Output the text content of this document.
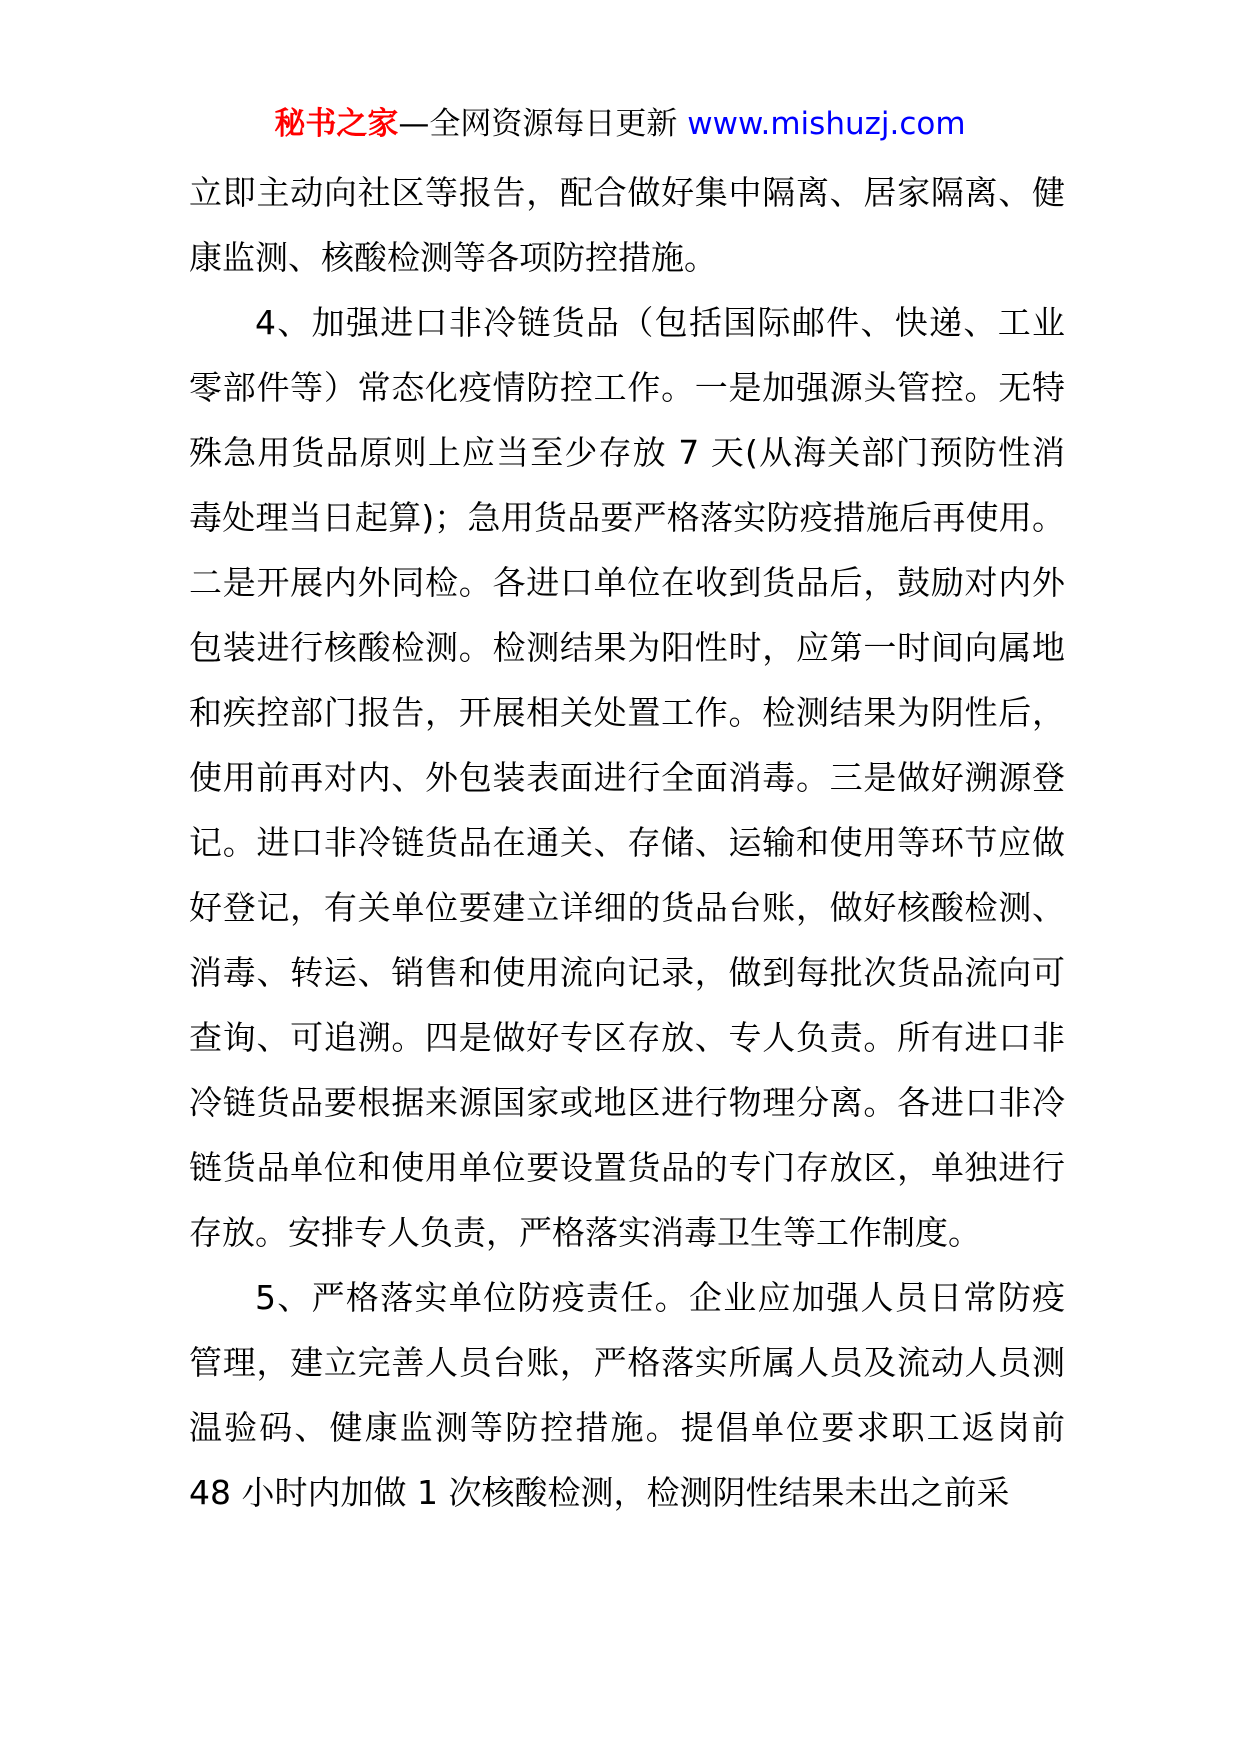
秘书之家—全网资源每日更新 www.mishuzj.com

立即主动向社区等报告，配合做好集中隔离、居家隔离、健康监测、核酸检测等各项防控措施。

4、加强进口非冷链货品（包括国际邮件、快递、工业零部件等）常态化疫情防控工作。一是加强源头管控。无特殊急用货品原则上应当至少存放 7 天(从海关部门预防性消毒处理当日起算)；急用货品要严格落实防疫措施后再使用。二是开展内外同检。各进口单位在收到货品后，鼓励对内外包装进行核酸检测。检测结果为阳性时，应第一时间向属地和疾控部门报告，开展相关处置工作。检测结果为阴性后，使用前再对内、外包装表面进行全面消毒。三是做好溯源登记。进口非冷链货品在通关、存储、运输和使用等环节应做好登记，有关单位要建立详细的货品台账，做好核酸检测、消毒、转运、销售和使用流向记录，做到每批次货品流向可查询、可追溯。四是做好专区存放、专人负责。所有进口非冷链货品要根据来源国家或地区进行物理分离。各进口非冷链货品单位和使用单位要设置货品的专门存放区，单独进行存放。安排专人负责，严格落实消毒卫生等工作制度。

5、严格落实单位防疫责任。企业应加强人员日常防疫管理，建立完善人员台账，严格落实所属人员及流动人员测温验码、健康监测等防控措施。提倡单位要求职工返岗前 48 小时内加做 1 次核酸检测，检测阴性结果未出之前采
